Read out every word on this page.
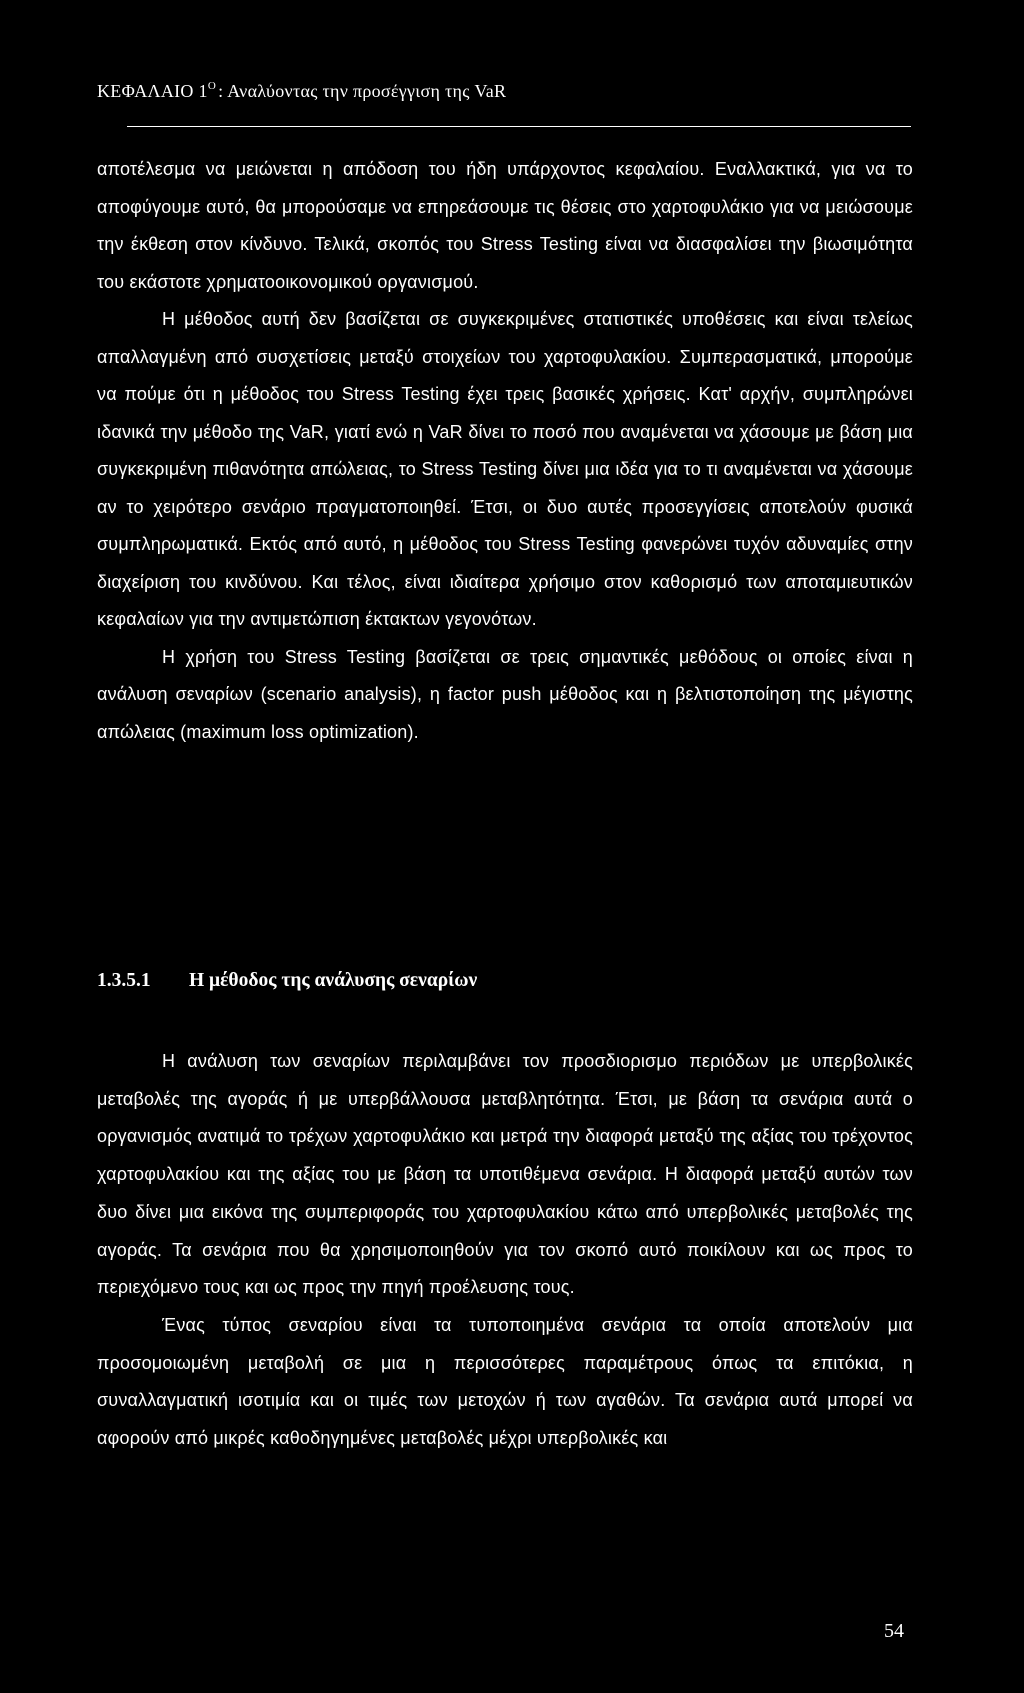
ΚΕΦΑΛΑΙΟ $1^O$ : Αναλύοντας την προσέγγιση της VaR

αποτέλεσμα να μειώνεται η απόδοση του ήδη υπάρχοντος κεφαλαίου. Εναλλακτικά, για να το αποφύγουμε αυτό, θα μπορούσαμε να επηρεάσουμε τις θέσεις στο χαρτοφυλάκιο για να μειώσουμε την έκθεση στον κίνδυνο. Τελικά, σκοπός του Stress Testing είναι να διασφαλίσει την βιωσιμότητα του εκάστοτε χρηματοοικονομικού οργανισμού.

Η μέθοδος αυτή δεν βασίζεται σε συγκεκριμένες στατιστικές υποθέσεις και είναι τελείως απαλλαγμένη από συσχετίσεις μεταξύ στοιχείων του χαρτοφυλακίου. Συμπερασματικά, μπορούμε να πούμε ότι η μέθοδος του Stress Testing έχει τρεις βασικές χρήσεις. Κατ' αρχήν, συμπληρώνει ιδανικά την μέθοδο της VaR, γιατί ενώ η VaR δίνει το ποσό που αναμένεται να χάσουμε με βάση μια συγκεκριμένη πιθανότητα απώλειας, το Stress Testing δίνει μια ιδέα για το τι αναμένεται να χάσουμε αν το χειρότερο σενάριο πραγματοποιηθεί. Έτσι, οι δυο αυτές προσεγγίσεις αποτελούν φυσικά συμπληρωματικά. Εκτός από αυτό, η μέθοδος του Stress Testing φανερώνει τυχόν αδυναμίες στην διαχείριση του κινδύνου. Και τέλος, είναι ιδιαίτερα χρήσιμο στον καθορισμό των αποταμιευτικών κεφαλαίων για την αντιμετώπιση έκτακτων γεγονότων.

Η χρήση του Stress Testing βασίζεται σε τρεις σημαντικές μεθόδους οι οποίες είναι η ανάλυση σεναρίων (scenario analysis), η factor push μέθοδος και η βελτιστοποίηση της μέγιστης απώλειας (maximum loss optimization).

1.3.5.1 Η μέθοδος της ανάλυσης σεναρίων

Η ανάλυση των σεναρίων περιλαμβάνει τον προσδιορισμο περιόδων με υπερβολικές μεταβολές της αγοράς ή με υπερβάλλουσα μεταβλητότητα. Έτσι, με βάση τα σενάρια αυτά ο οργανισμός ανατιμά το τρέχων χαρτοφυλάκιο και μετρά την διαφορά μεταξύ της αξίας του τρέχοντος χαρτοφυλακίου και της αξίας του με βάση τα υποτιθέμενα σενάρια. Η διαφορά μεταξύ αυτών των δυο δίνει μια εικόνα της συμπεριφοράς του χαρτοφυλακίου κάτω από υπερβολικές μεταβολές της αγοράς. Τα σενάρια που θα χρησιμοποιηθούν για τον σκοπό αυτό ποικίλουν και ως προς το περιεχόμενο τους και ως προς την πηγή προέλευσης τους.

Ένας τύπος σεναρίου είναι τα τυποποιημένα σενάρια τα οποία αποτελούν μια προσομοιωμένη μεταβολή σε μια η περισσότερες παραμέτρους όπως τα επιτόκια, η συναλλαγματική ισοτιμία και οι τιμές των μετοχών ή των αγαθών. Τα σενάρια αυτά μπορεί να αφορούν από μικρές καθοδηγημένες μεταβολές μέχρι υπερβολικές και

54
